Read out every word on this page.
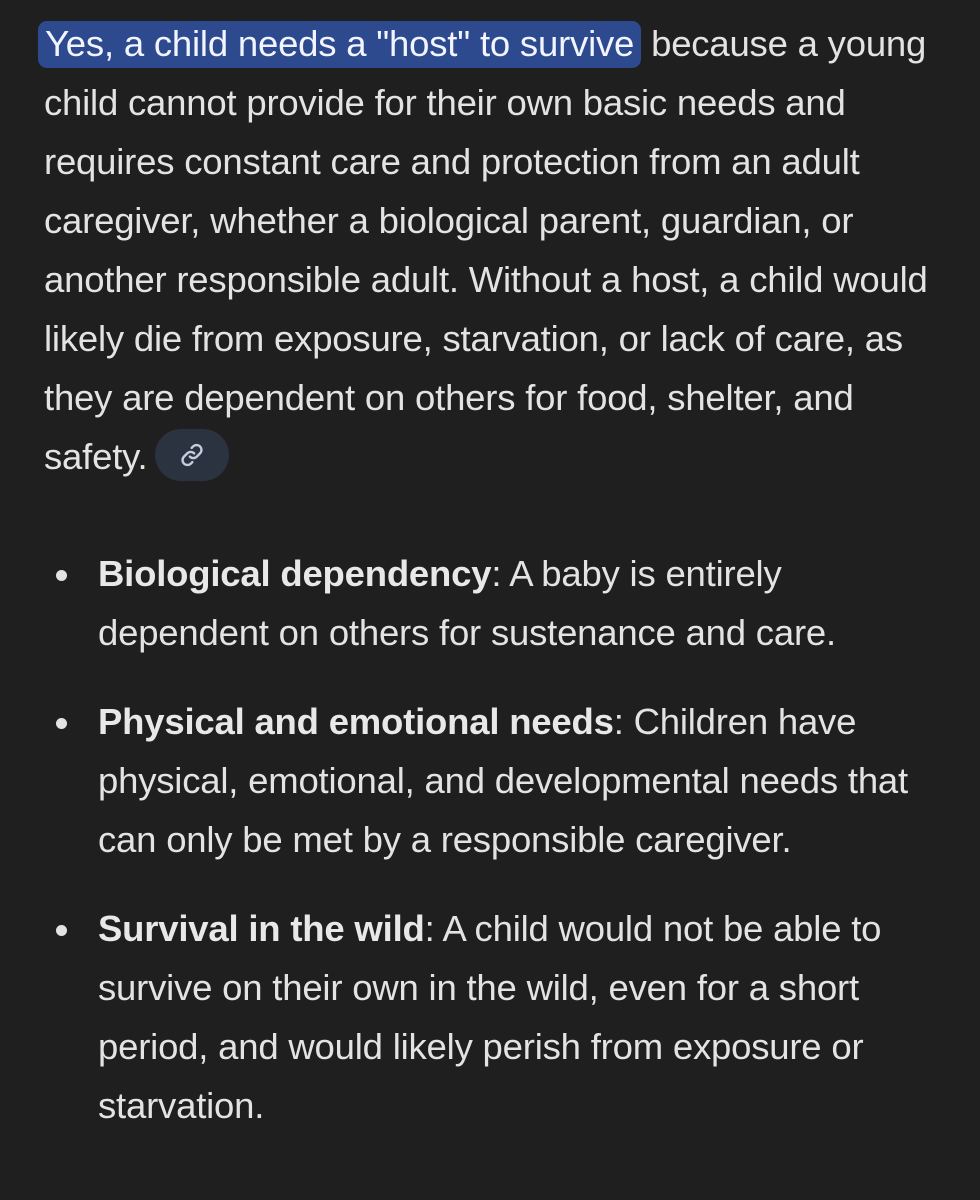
Yes, a child needs a "host" to survive because a young child cannot provide for their own basic needs and requires constant care and protection from an adult caregiver, whether a biological parent, guardian, or another responsible adult. Without a host, a child would likely die from exposure, starvation, or lack of care, as they are dependent on others for food, shelter, and safety.

Biological dependency: A baby is entirely dependent on others for sustenance and care.
Physical and emotional needs: Children have physical, emotional, and developmental needs that can only be met by a responsible caregiver.
Survival in the wild: A child would not be able to survive on their own in the wild, even for a short period, and would likely perish from exposure or starvation.
